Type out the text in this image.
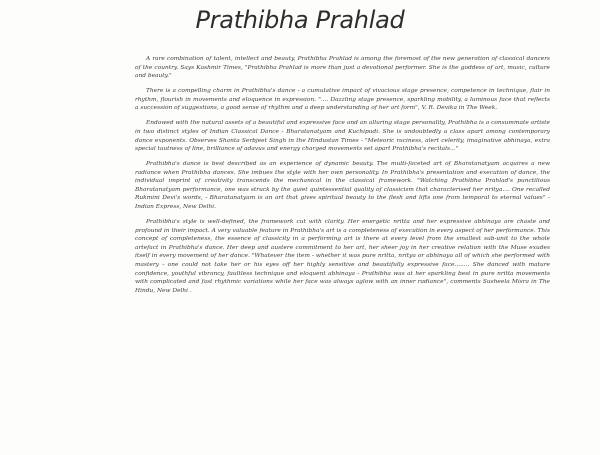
Prathibha Prahlad

A rare combination of talent, intellect and beauty, Prathibha Prahlad is among the foremost of the new generation of classical dancers of the country. Says Kashmir Times, "Prathibha Prahlad is more than just a devotional performer. She is the goddess of art, music, culture and beauty."

There is a compelling charm in Prathibha's dance - a cumulative impact of vivacious stage presence, competence in technique, flair in rhythm, flourish in movements and eloquence in expression. ".... Dazzling stage presence, sparkling mobility, a luminous face that reflects a succession of suggestions, a good sense of rhythm and a deep understanding of her art form", V. R. Devika in The Week.

Endowed with the natural assets of a beautiful and expressive face and an alluring stage personality, Prathibha is a consummate artiste in two distinct styles of Indian Classical Dance - Bharatanatyam and Kuchipudi. She is undoubtedly a class apart among contemporary dance exponents. Observes Shanta Serbjeet Singh in the Hindustan Times - "Meteoric raciness, alert celerity, imaginative abhinaya, extra special tautness of line, brilliance of adavus and energy charged movements set apart Prathibha's recitals..."

Prathibha's dance is best described as an experience of dynamic beauty. The multi-faceted art of Bharatanatyam acquires a new radiance when Prathibha dances. She imbues the style with her own personality. In Prathibha's presentation and execution of dance, the individual imprint of creativity transcends the mechanical in the classical framework. "Watching Prathibha Prahlad's punctilious Bharatanatyam performance, one was struck by the quiet quintessential quality of classicism that characterised her nritya.... One recalled Rukmini Devi's words, - Bharatanatyam is an art that gives spiritual beauty to the flesh and lifts one from temporal to eternal values" - Indian Express, New Delhi.

Prathibha's style is well-defined, the framework cut with clarity. Her energetic nritta and her expressive abhinaya are chaste and profound in their impact. A very valuable feature in Prathibha's art is a completeness of execution in every aspect of her performance. This concept of completeness, the essence of classicity in a performing art is there at every level from the smallest sub-unit to the whole artefact in Prathibha's dance. Her deep and austere commitment to her art, her sheer joy in her creative relation with the Muse exudes itself in every movement of her dance. "Whatever the item - whether it was pure nritta, nritya or abhinaya all of which she performed with mastery - one could not take her or his eyes off her highly sensitive and beautifully expressive face........ She danced with mature confidence, youthful vibrancy, faultless technique and eloquent abhinaya - Prathibha was at her sparkling best in pure nritta movements with complicated and fast rhythmic variations while her face was always aglow with an inner radiance", comments Susheela Misra in The Hindu, New Delhi .
